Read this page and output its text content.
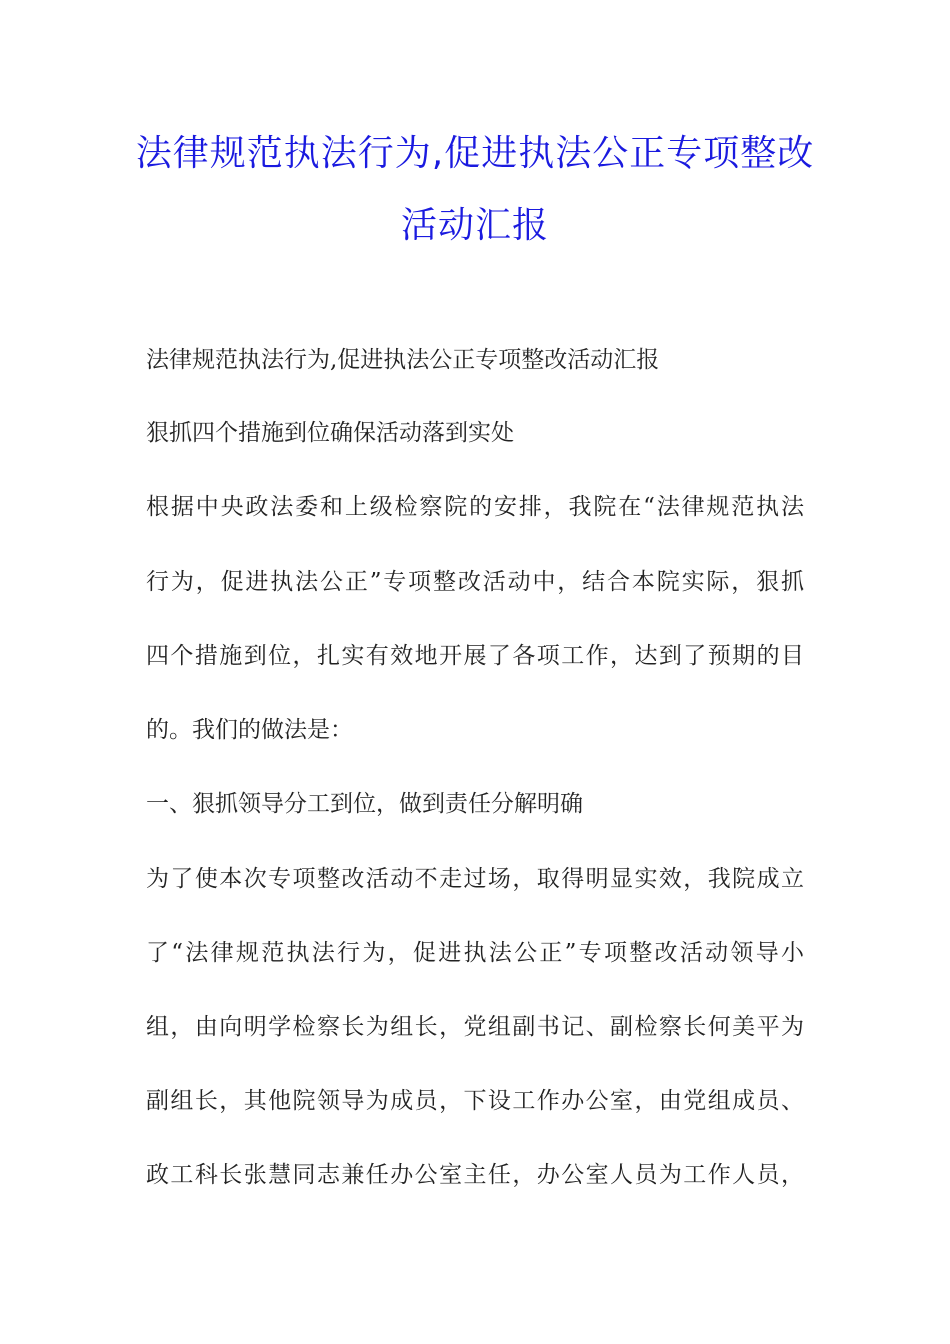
法律规范执法行为,促进执法公正专项整改
活动汇报
法律规范执法行为,促进执法公正专项整改活动汇报
狠抓四个措施到位确保活动落到实处
根据中央政法委和上级检察院的安排，我院在“法律规范执法
行为，促进执法公正”专项整改活动中，结合本院实际，狠抓
四个措施到位，扎实有效地开展了各项工作，达到了预期的目
的。我们的做法是：
一、狠抓领导分工到位，做到责任分解明确
为了使本次专项整改活动不走过场，取得明显实效，我院成立
了“法律规范执法行为，促进执法公正”专项整改活动领导小
组，由向明学检察长为组长，党组副书记、副检察长何美平为
副组长，其他院领导为成员，下设工作办公室，由党组成员、
政工科长张慧同志兼任办公室主任，办公室人员为工作人员，
